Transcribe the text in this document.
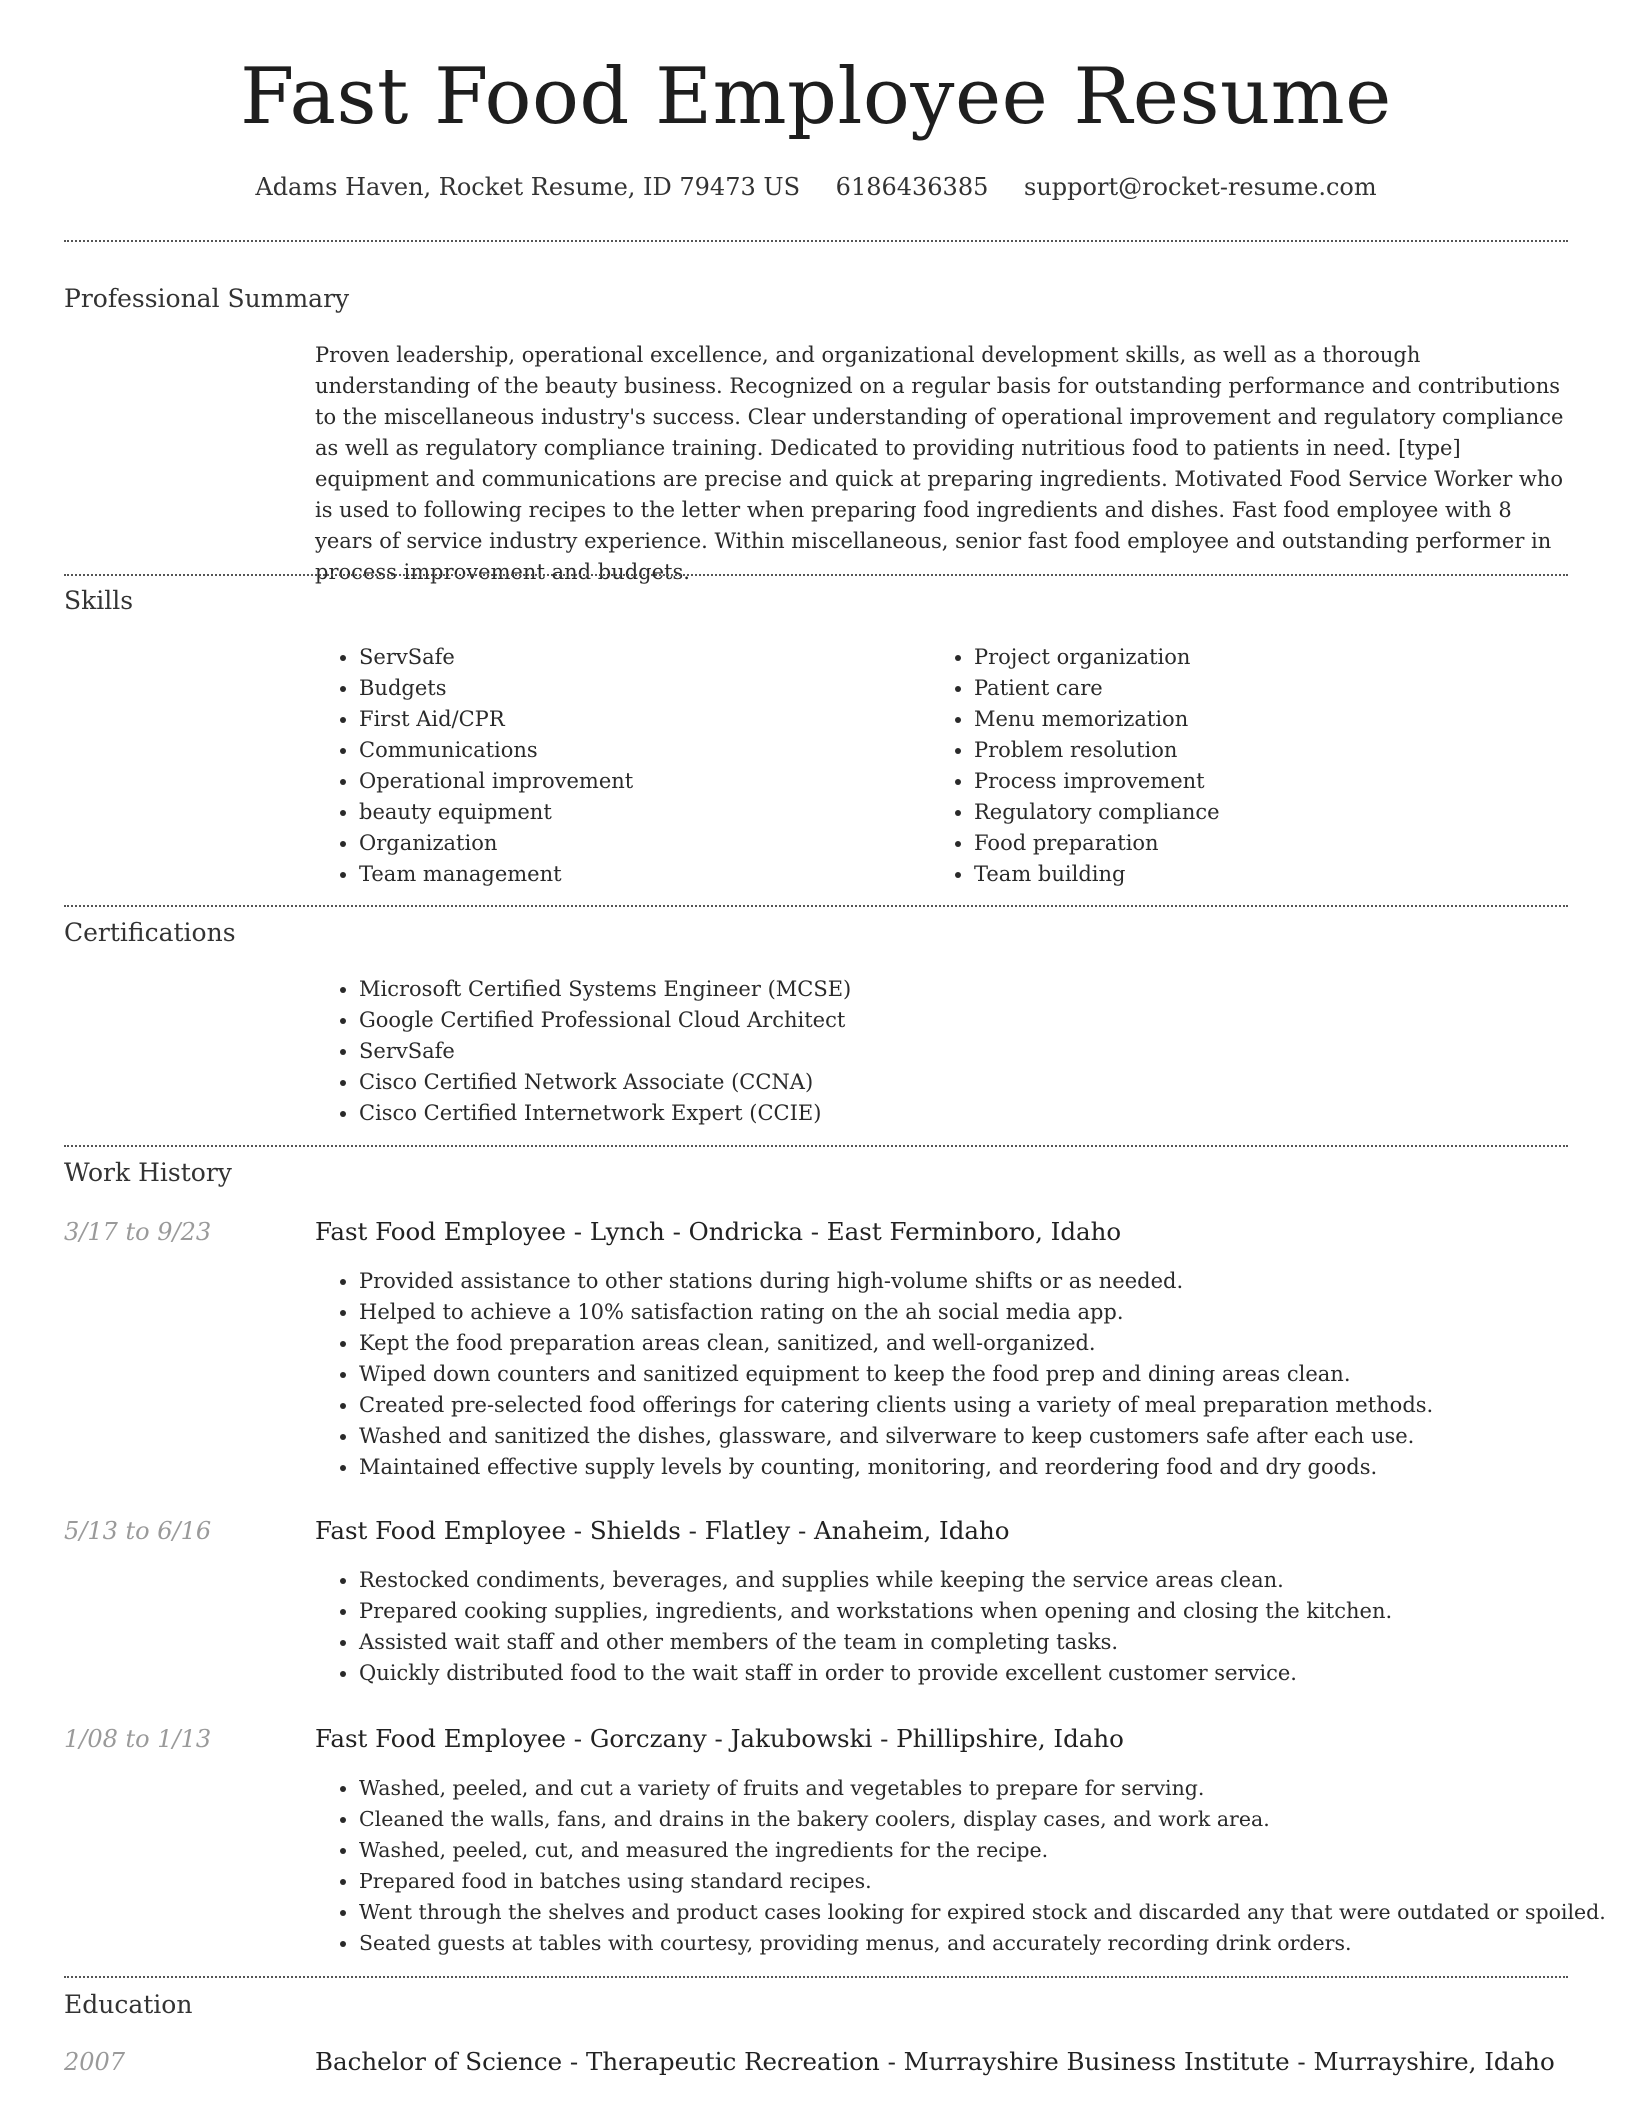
Fast Food Employee Resume
Adams Haven, Rocket Resume, ID 79473 US 6186436385 support@rocket-resume.com
Professional Summary
Proven leadership, operational excellence, and organizational development skills, as well as a thorough understanding of the beauty business. Recognized on a regular basis for outstanding performance and contributions to the miscellaneous industry's success. Clear understanding of operational improvement and regulatory compliance as well as regulatory compliance training. Dedicated to providing nutritious food to patients in need. [type] equipment and communications are precise and quick at preparing ingredients. Motivated Food Service Worker who is used to following recipes to the letter when preparing food ingredients and dishes. Fast food employee with 8 years of service industry experience. Within miscellaneous, senior fast food employee and outstanding performer in process improvement and budgets.
Skills
• ServSafe
• Budgets
• First Aid/CPR
• Communications
• Operational improvement
• beauty equipment
• Organization
• Team management
• Project organization
• Patient care
• Menu memorization
• Problem resolution
• Process improvement
• Regulatory compliance
• Food preparation
• Team building
Certifications
• Microsoft Certified Systems Engineer (MCSE)
• Google Certified Professional Cloud Architect
• ServSafe
• Cisco Certified Network Associate (CCNA)
• Cisco Certified Internetwork Expert (CCIE)
Work History
3/17 to 9/23	Fast Food Employee - Lynch - Ondricka - East Ferminboro, Idaho
• Provided assistance to other stations during high-volume shifts or as needed.
• Helped to achieve a 10% satisfaction rating on the ah social media app.
• Kept the food preparation areas clean, sanitized, and well-organized.
• Wiped down counters and sanitized equipment to keep the food prep and dining areas clean.
• Created pre-selected food offerings for catering clients using a variety of meal preparation methods.
• Washed and sanitized the dishes, glassware, and silverware to keep customers safe after each use.
• Maintained effective supply levels by counting, monitoring, and reordering food and dry goods.
5/13 to 6/16	Fast Food Employee - Shields - Flatley - Anaheim, Idaho
• Restocked condiments, beverages, and supplies while keeping the service areas clean.
• Prepared cooking supplies, ingredients, and workstations when opening and closing the kitchen.
• Assisted wait staff and other members of the team in completing tasks.
• Quickly distributed food to the wait staff in order to provide excellent customer service.
1/08 to 1/13	Fast Food Employee - Gorczany - Jakubowski - Phillipshire, Idaho
• Washed, peeled, and cut a variety of fruits and vegetables to prepare for serving.
• Cleaned the walls, fans, and drains in the bakery coolers, display cases, and work area.
• Washed, peeled, cut, and measured the ingredients for the recipe.
• Prepared food in batches using standard recipes.
• Went through the shelves and product cases looking for expired stock and discarded any that were outdated or spoiled.
• Seated guests at tables with courtesy, providing menus, and accurately recording drink orders.
Education
2007	Bachelor of Science - Therapeutic Recreation - Murrayshire Business Institute - Murrayshire, Idaho
